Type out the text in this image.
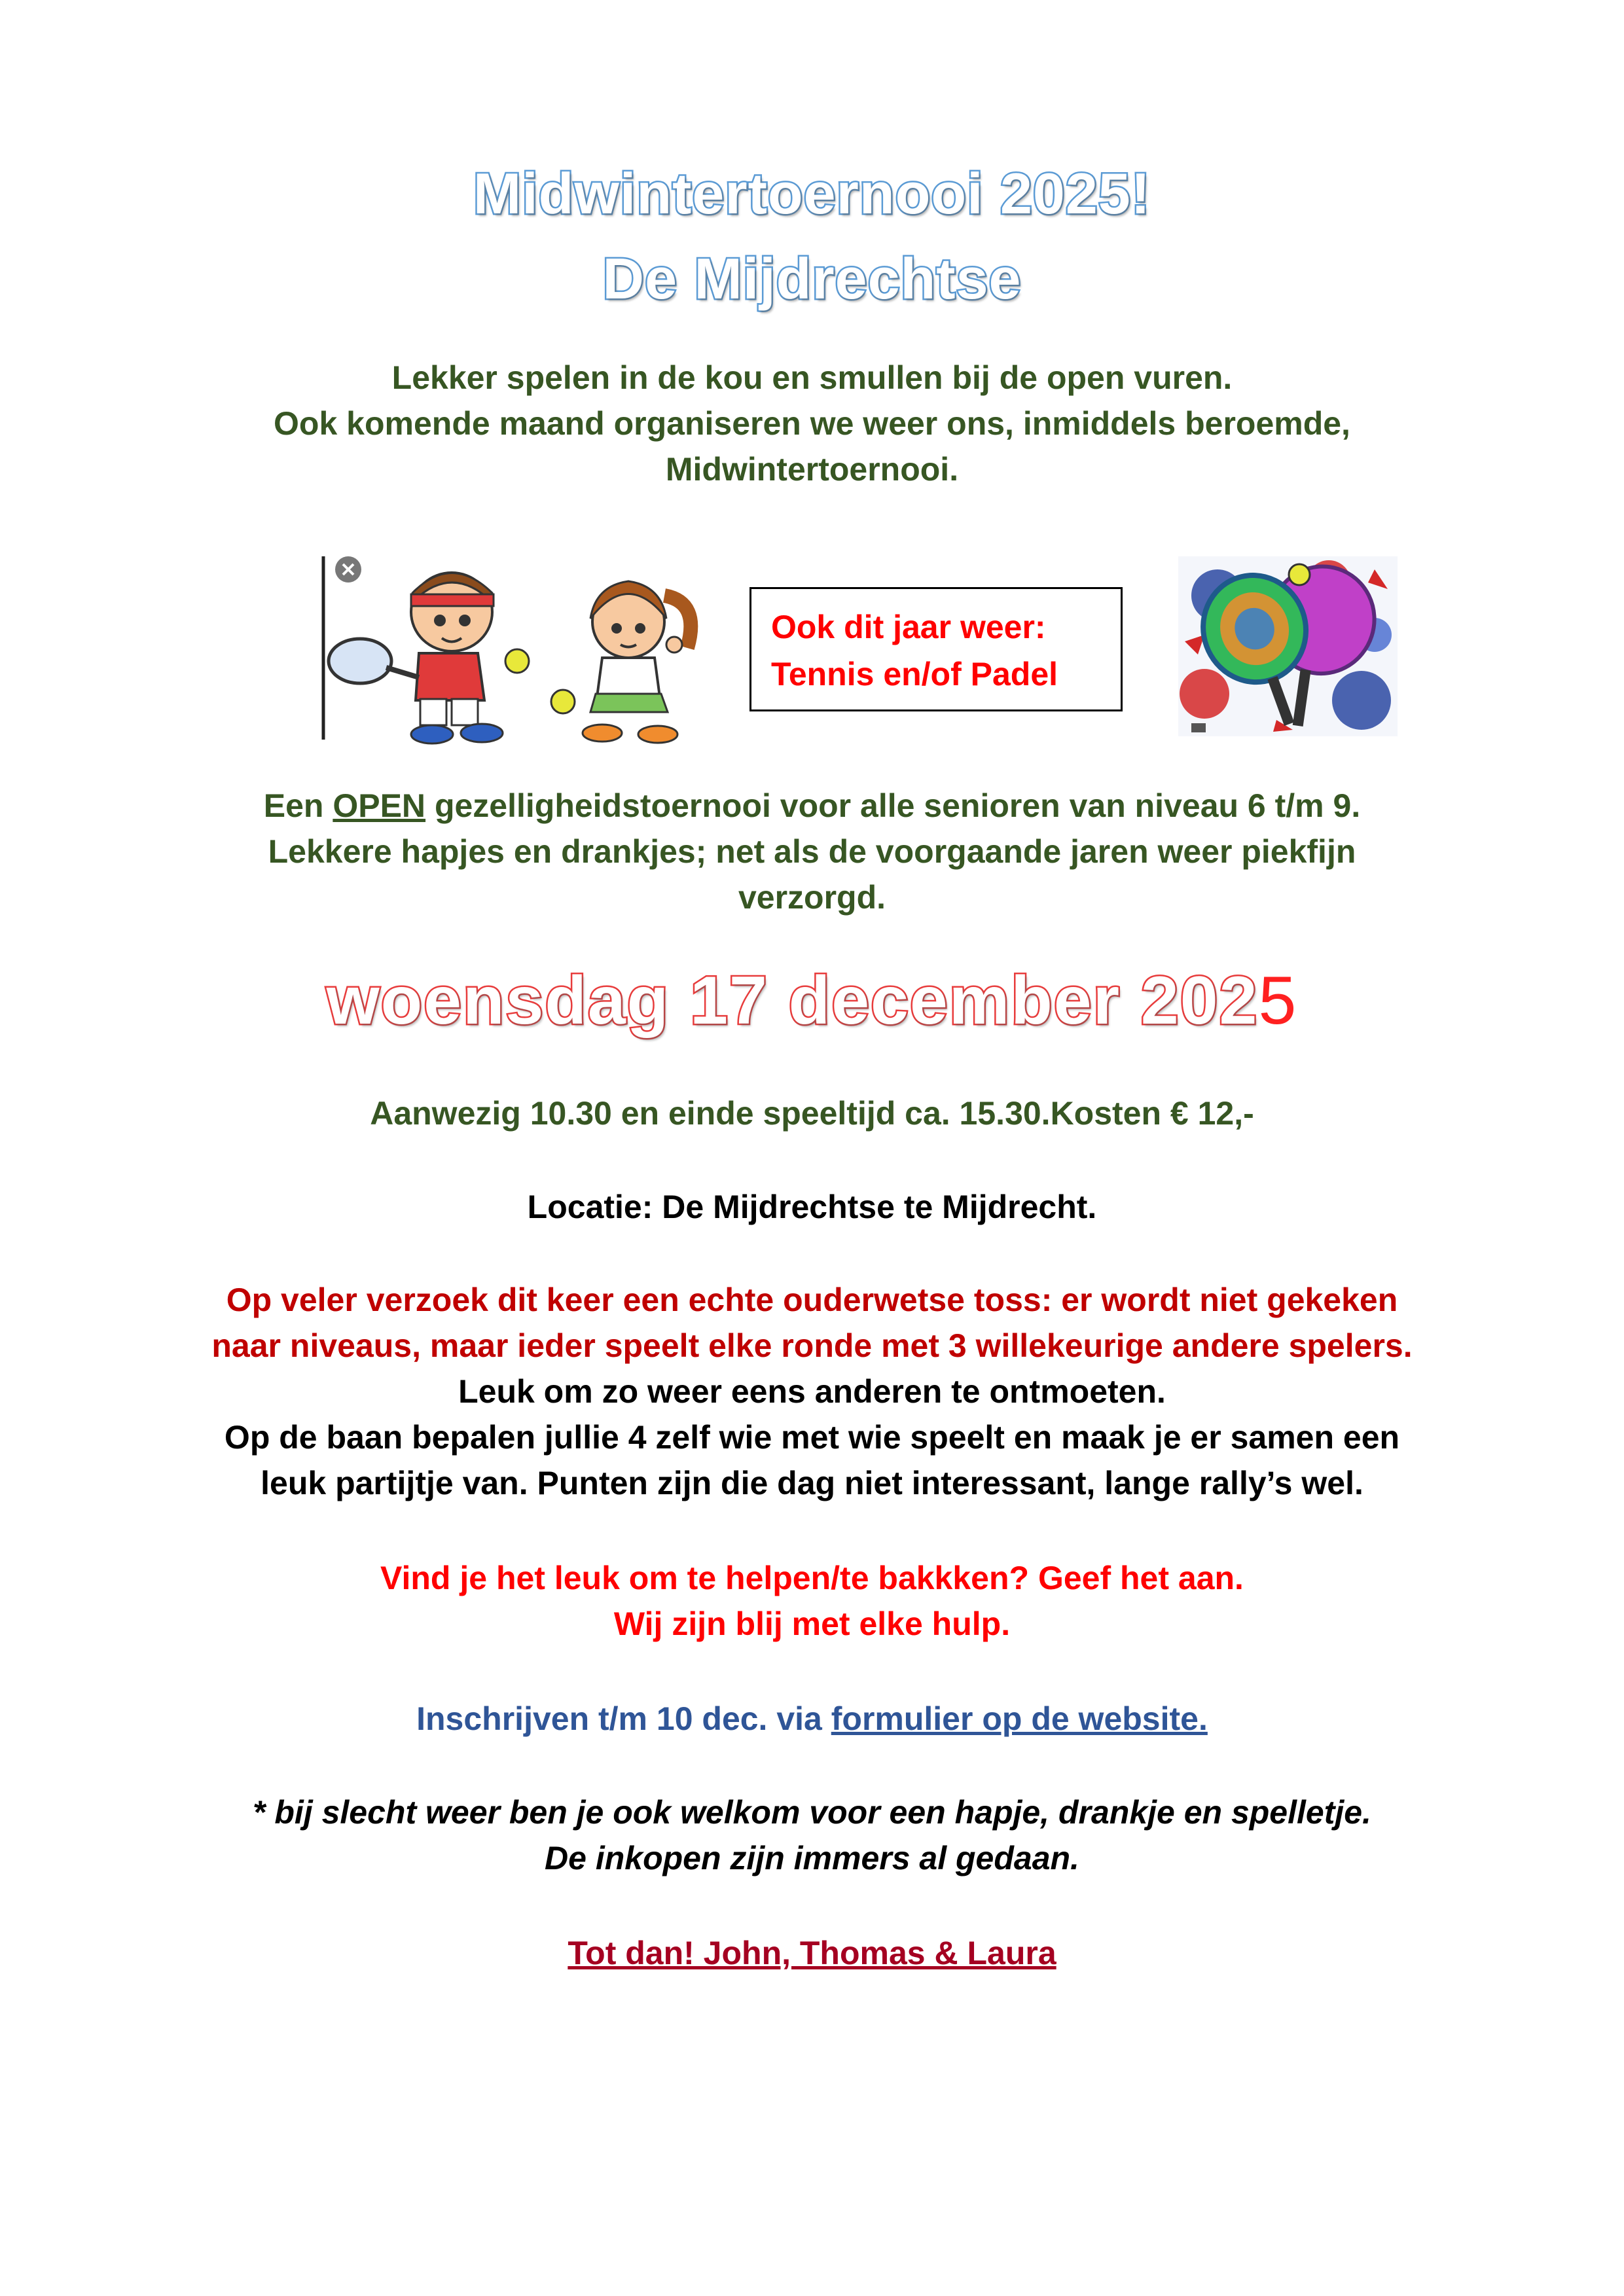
Midwintertoernooi 2025!
De Mijdrechtse
Lekker spelen in de kou en smullen bij de open vuren.
Ook komende maand organiseren we weer ons, inmiddels beroemde,
Midwintertoernooi.
Ook dit jaar weer:
Tennis en/of Padel
Een OPEN gezelligheidstoernooi voor alle senioren van niveau 6 t/m 9.
Lekkere hapjes en drankjes; net als de voorgaande jaren weer piekfijn
verzorgd.
woensdag 17 december 2025
Aanwezig 10.30 en einde speeltijd ca. 15.30.Kosten € 12,-
Locatie: De Mijdrechtse te Mijdrecht.
Op veler verzoek dit keer een echte ouderwetse toss: er wordt niet gekeken
naar niveaus, maar ieder speelt elke ronde met 3 willekeurige andere spelers.
Leuk om zo weer eens anderen te ontmoeten.
Op de baan bepalen jullie 4 zelf wie met wie speelt en maak je er samen een
leuk partijtje van. Punten zijn die dag niet interessant, lange rally’s wel.
Vind je het leuk om te helpen/te bakkken? Geef het aan.
Wij zijn blij met elke hulp.
Inschrijven t/m 10 dec. via formulier op de website.
* bij slecht weer ben je ook welkom voor een hapje, drankje en spelletje.
De inkopen zijn immers al gedaan.
Tot dan! John, Thomas & Laura
